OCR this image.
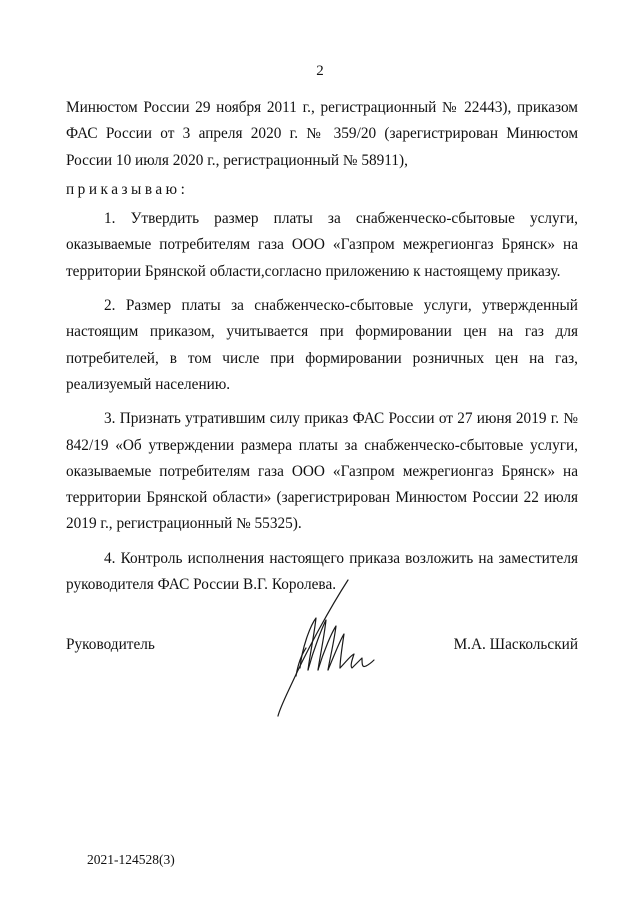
2

Минюстом России 29 ноября 2011 г., регистрационный № 22443), приказом ФАС России от 3 апреля 2020 г. № 359/20 (зарегистрирован Минюстом России 10 июля 2020 г., регистрационный № 58911),

приказываю:

1. Утвердить размер платы за снабженческо-сбытовые услуги, оказываемые потребителям газа ООО «Газпром межрегионгаз Брянск» на территории Брянской области,согласно приложению к настоящему приказу.

2. Размер платы за снабженческо-сбытовые услуги, утвержденный настоящим приказом, учитывается при формировании цен на газ для потребителей, в том числе при формировании розничных цен на газ, реализуемый населению.

3. Признать утратившим силу приказ ФАС России от 27 июня 2019 г. № 842/19 «Об утверждении размера платы за снабженческо-сбытовые услуги, оказываемые потребителям газа ООО «Газпром межрегионгаз Брянск» на территории Брянской области» (зарегистрирован Минюстом России 22 июля 2019 г., регистрационный № 55325).

4. Контроль исполнения настоящего приказа возложить на заместителя руководителя ФАС России В.Г. Королева.

Руководитель	М.А. Шаскольский
2021-124528(3)
